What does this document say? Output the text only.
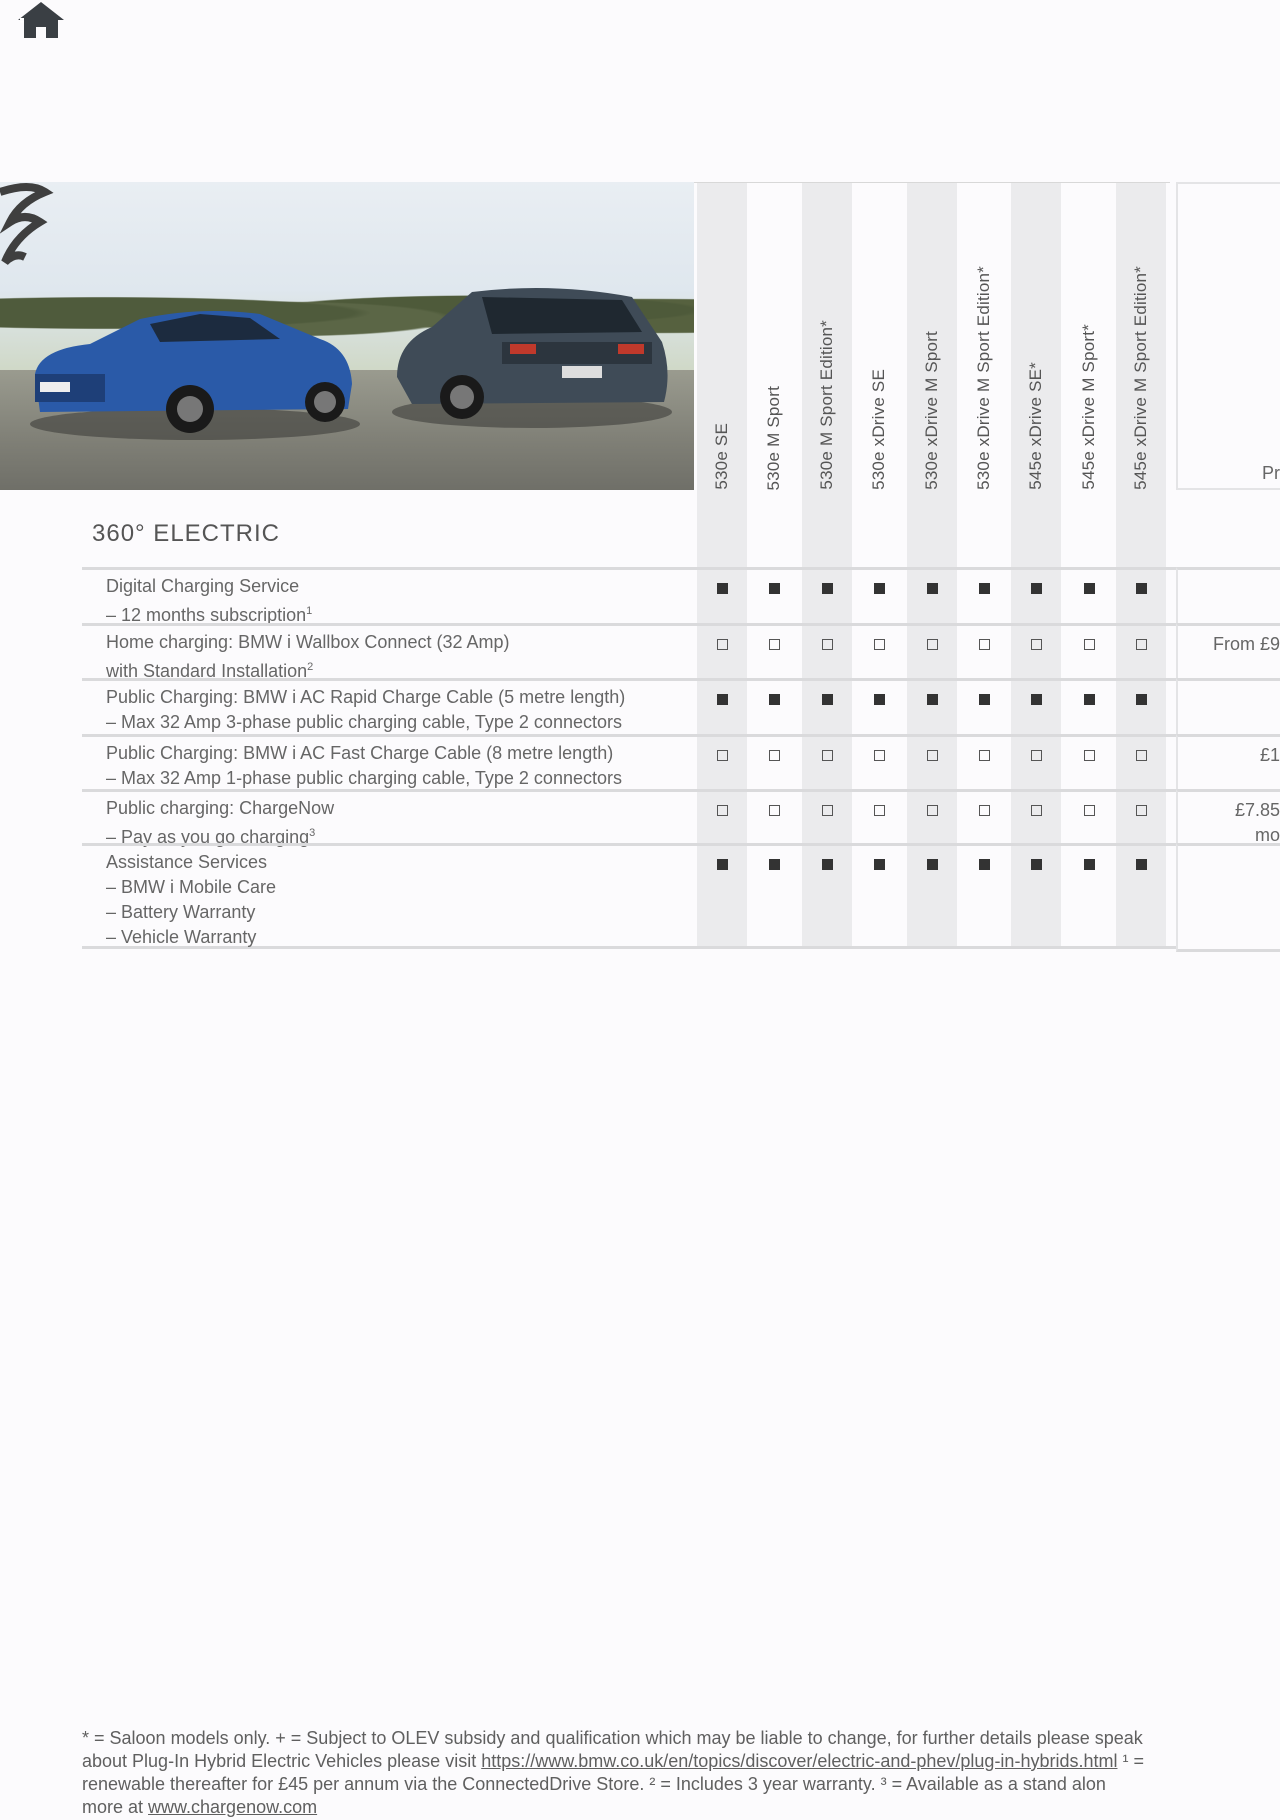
530e SE 530e M Sport 530e M Sport Edition* 530e xDrive SE 530e xDrive M Sport 530e xDrive M Sport Edition* 545e xDrive SE* 545e xDrive M Sport* 545e xDrive M Sport Edition*	Pr
360° ELECTRIC
Digital Charging Service
– 12 months subscription$^1$
Home charging: BMW i Wallbox Connect (32 Amp)
with Standard Installation$^2$
Public Charging: BMW i AC Rapid Charge Cable (5 metre length)
– Max 32 Amp 3-phase public charging cable, Type 2 connectors
Public Charging: BMW i AC Fast Charge Cable (8 metre length)
– Max 32 Amp 1-phase public charging cable, Type 2 connectors
Public charging: ChargeNow
– Pay as you go charging$^3$
Assistance Services
– BMW i Mobile Care
– Battery Warranty
– Vehicle Warranty
From £9
£1
£7.85
mo
* = Saloon models only. + = Subject to OLEV subsidy and qualification which may be liable to change, for further details please speak
about Plug-In Hybrid Electric Vehicles please visit https://www.bmw.co.uk/en/topics/discover/electric-and-phev/plug-in-hybrids.html ¹ =
renewable thereafter for £45 per annum via the ConnectedDrive Store. ² = Includes 3 year warranty. ³ = Available as a stand alon
more at www.chargenow.com
